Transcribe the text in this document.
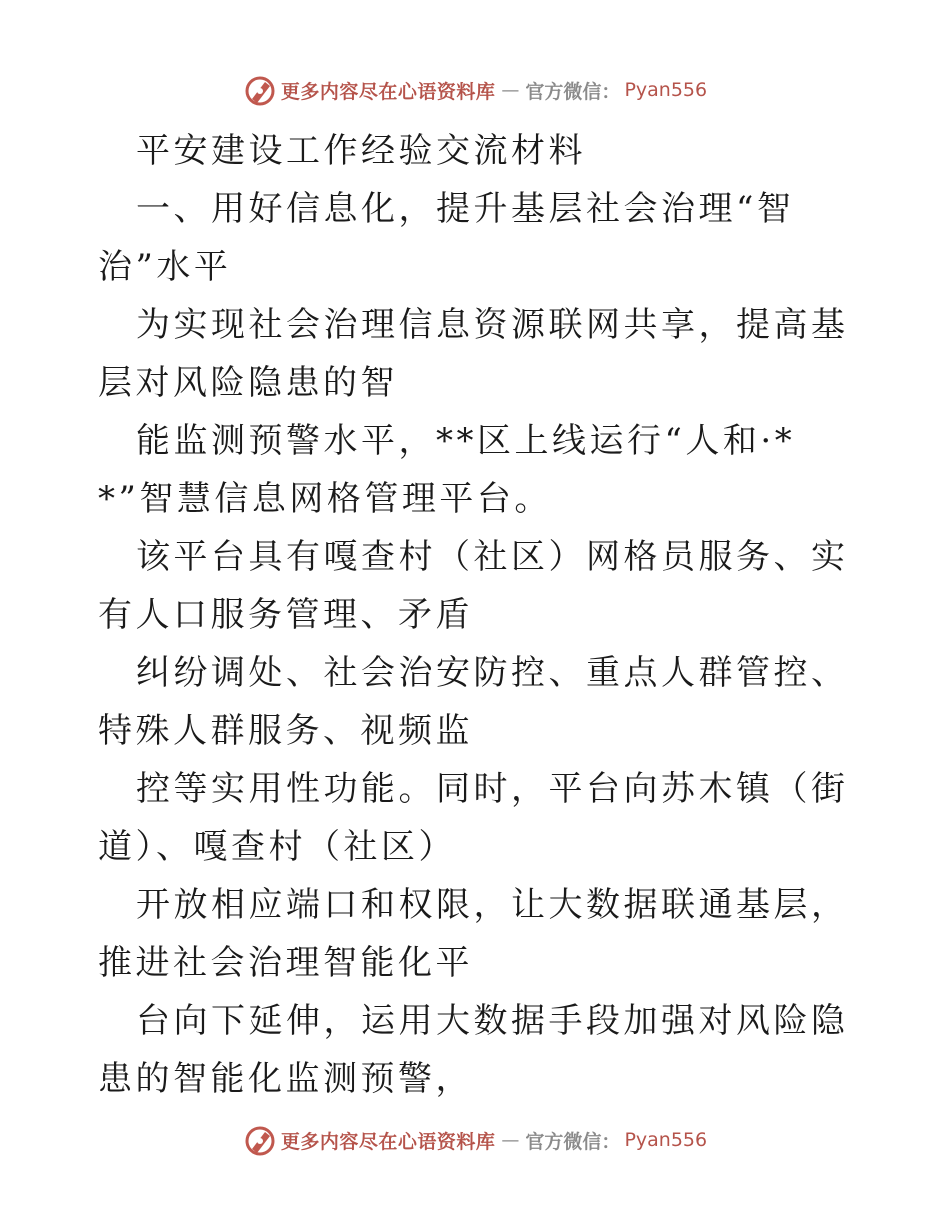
更多内容尽在心语资料库 — 官方微信： Pyan556

平安建设工作经验交流材料

一、用好信息化，提升基层社会治理“智治”水平

为实现社会治理信息资源联网共享，提高基层对风险隐患的智

能监测预警水平，**区上线运行“人和·**”智慧信息网格管理平台。

该平台具有嘎查村（社区）网格员服务、实有人口服务管理、矛盾

纠纷调处、社会治安防控、重点人群管控、特殊人群服务、视频监

控等实用性功能。同时，平台向苏木镇（街道）、嘎查村（社区）

开放相应端口和权限，让大数据联通基层，推进社会治理智能化平

台向下延伸，运用大数据手段加强对风险隐患的智能化监测预警，

更多内容尽在心语资料库 — 官方微信： Pyan556
